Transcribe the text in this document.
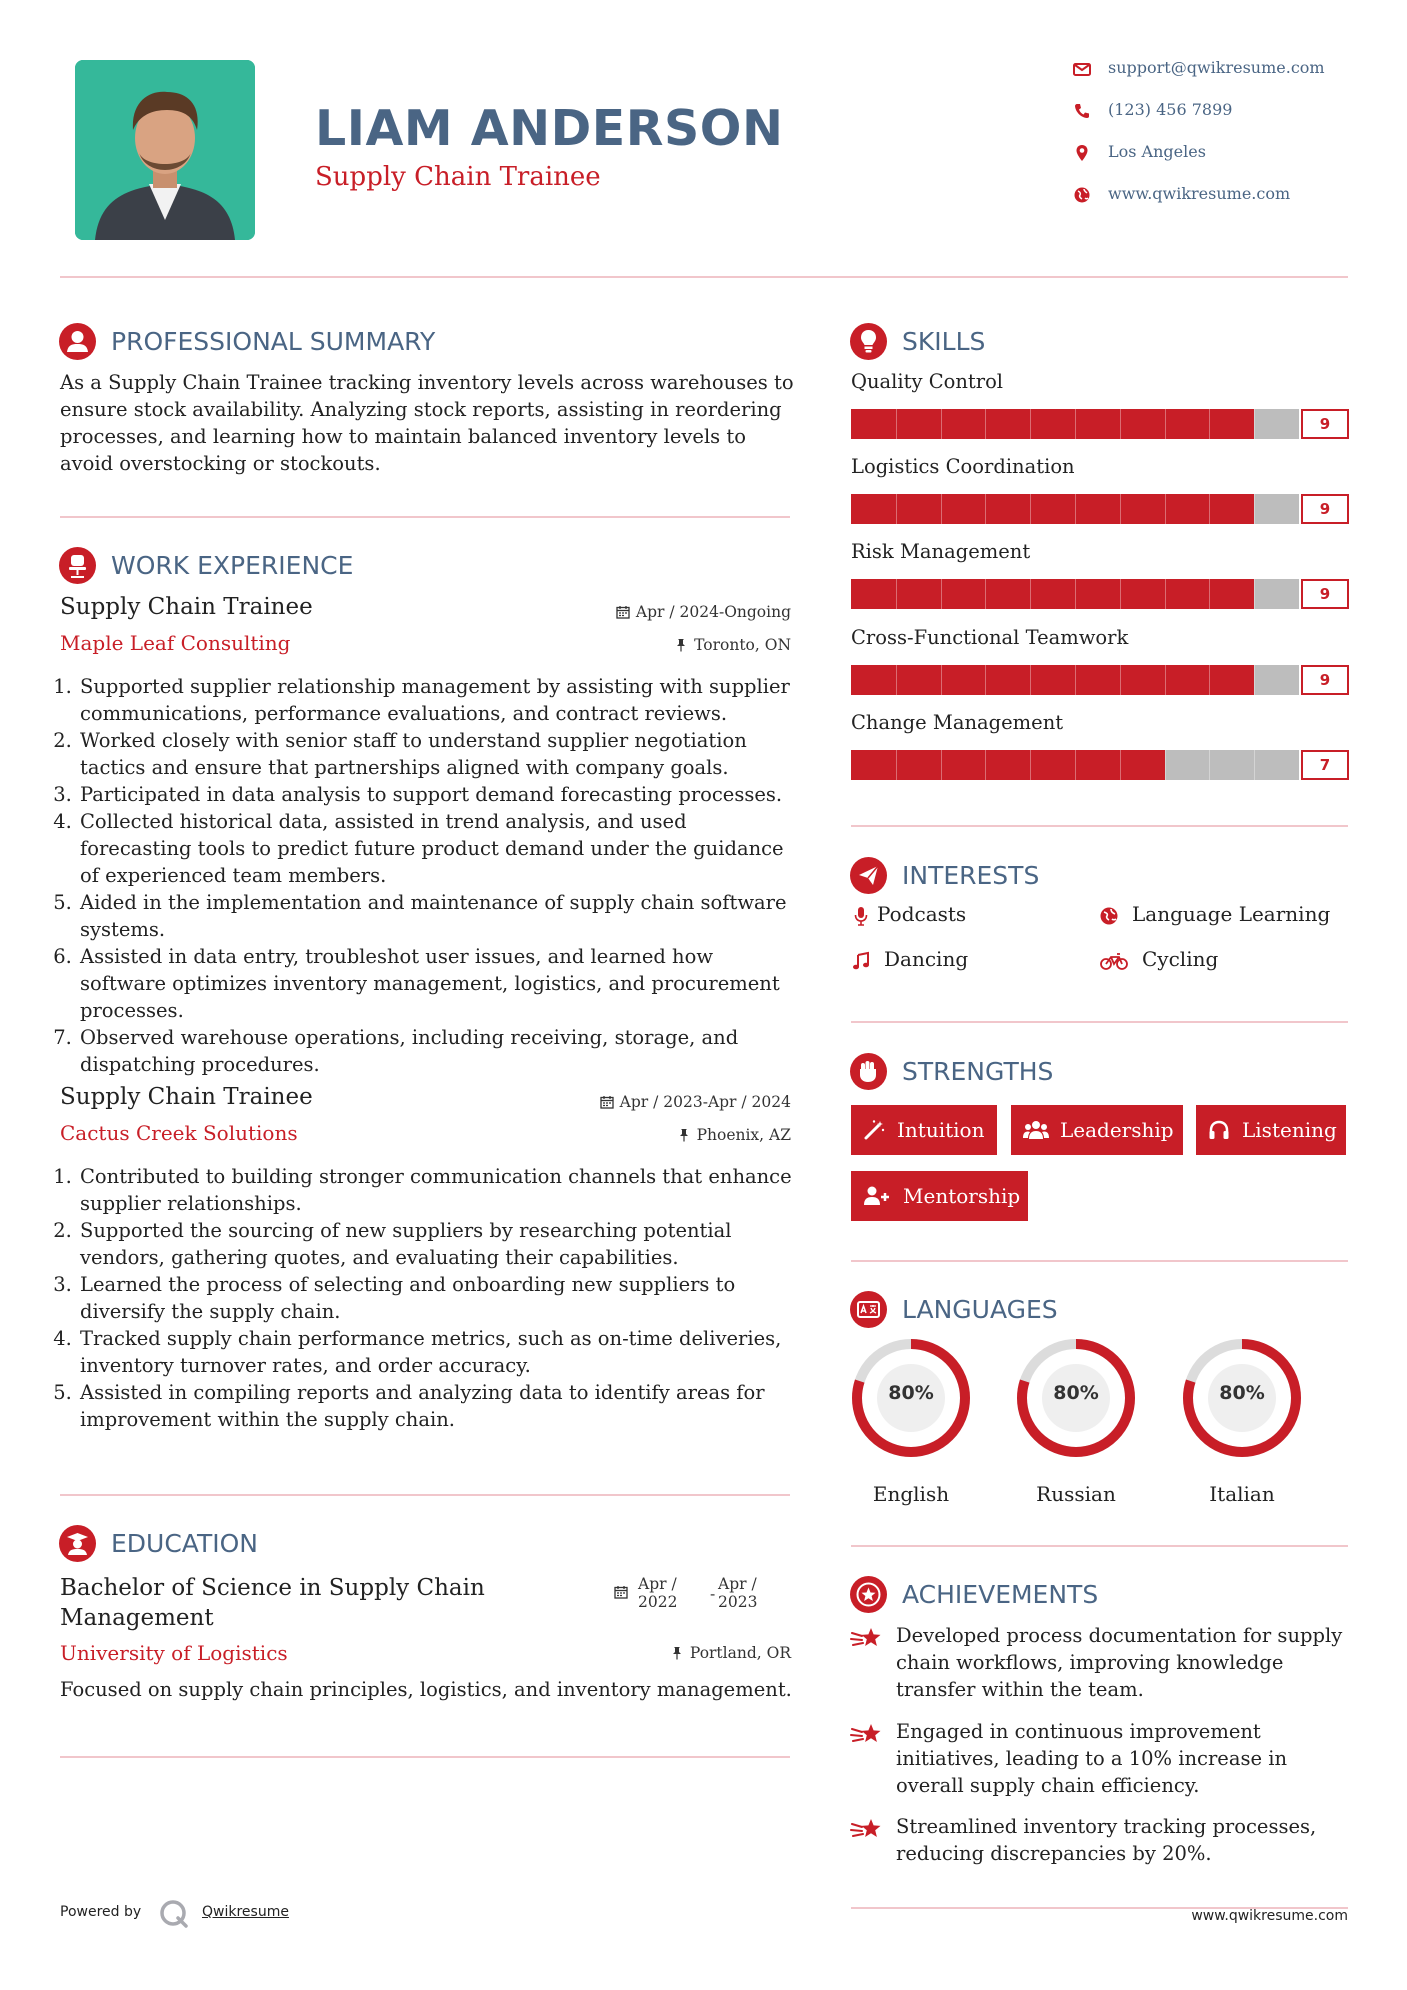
LIAM ANDERSON
Supply Chain Trainee
support@qwikresume.com
(123) 456 7899
Los Angeles
www.qwikresume.com
PROFESSIONAL SUMMARY
As a Supply Chain Trainee tracking inventory levels across warehouses to ensure stock availability. Analyzing stock reports, assisting in reordering processes, and learning how to maintain balanced inventory levels to avoid overstocking or stockouts.
WORK EXPERIENCE
Supply Chain Trainee
Maple Leaf Consulting
Apr / 2024-Ongoing
Toronto, ON
1. Supported supplier relationship management by assisting with supplier communications, performance evaluations, and contract reviews.
2. Worked closely with senior staff to understand supplier negotiation tactics and ensure that partnerships aligned with company goals.
3. Participated in data analysis to support demand forecasting processes.
4. Collected historical data, assisted in trend analysis, and used forecasting tools to predict future product demand under the guidance of experienced team members.
5. Aided in the implementation and maintenance of supply chain software systems.
6. Assisted in data entry, troubleshot user issues, and learned how software optimizes inventory management, logistics, and procurement processes.
7. Observed warehouse operations, including receiving, storage, and dispatching procedures.
Supply Chain Trainee
Cactus Creek Solutions
Apr / 2023-Apr / 2024
Phoenix, AZ
1. Contributed to building stronger communication channels that enhance supplier relationships.
2. Supported the sourcing of new suppliers by researching potential vendors, gathering quotes, and evaluating their capabilities.
3. Learned the process of selecting and onboarding new suppliers to diversify the supply chain.
4. Tracked supply chain performance metrics, such as on-time deliveries, inventory turnover rates, and order accuracy.
5. Assisted in compiling reports and analyzing data to identify areas for improvement within the supply chain.
EDUCATION
Bachelor of Science in Supply Chain
Management
University of Logistics
Apr /
2022 -
Apr /
2023
Portland, OR
Focused on supply chain principles, logistics, and inventory management.
Powered by	Qwikresume
SKILLS
Quality Control
9
Logistics Coordination
9
Risk Management
9
Cross-Functional Teamwork
9
Change Management
7
INTERESTS
Podcasts	Language Learning
Dancing	Cycling
STRENGTHS
Intuition	Leadership	Listening
Mentorship
LANGUAGES
80%
English
80%
Russian
80%
Italian
ACHIEVEMENTS
Developed process documentation for supply chain workflows, improving knowledge transfer within the team.
Engaged in continuous improvement initiatives, leading to a 10% increase in overall supply chain efficiency.
Streamlined inventory tracking processes, reducing discrepancies by 20%.
www.qwikresume.com
